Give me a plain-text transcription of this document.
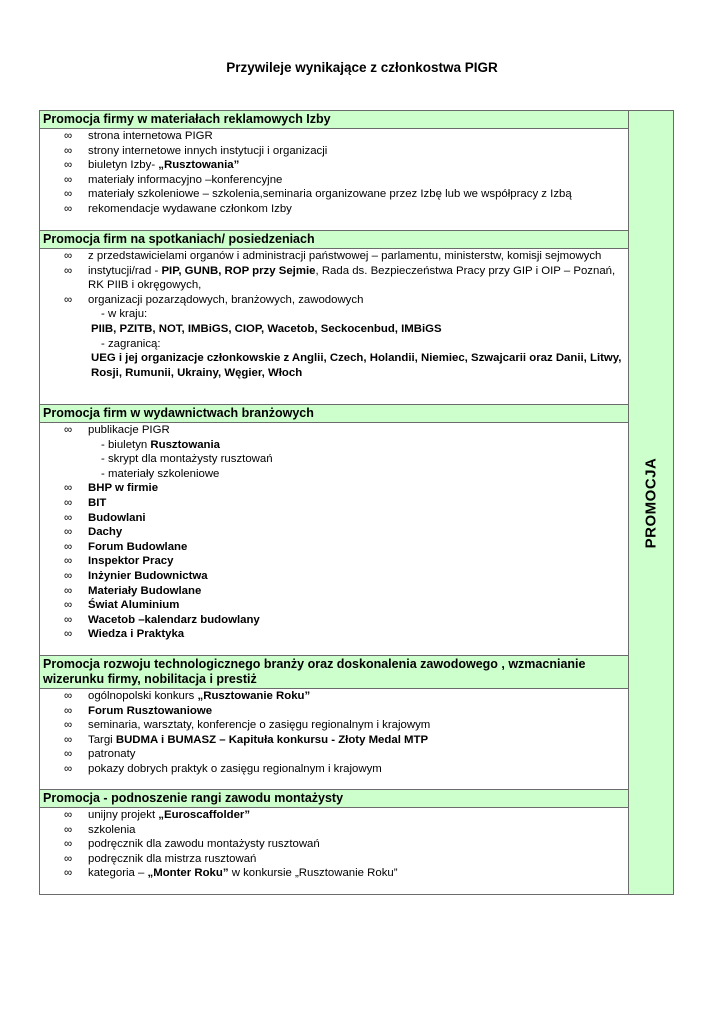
Przywileje wynikające z członkostwa PIGR
Promocja firmy w materiałach reklamowych Izby
∞ strona internetowa PIGR
∞ strony internetowe innych instytucji i organizacji
∞ biuletyn Izby- „Rusztowania”
∞ materiały informacyjno –konferencyjne
∞ materiały szkoleniowe – szkolenia,seminaria organizowane przez Izbę lub we współpracy z Izbą
∞ rekomendacje wydawane członkom Izby
Promocja firm na spotkaniach/ posiedzeniach
∞ z przedstawicielami organów i administracji państwowej – parlamentu, ministerstw, komisji sejmowych
∞ instytucji/rad - PIP, GUNB, ROP przy Sejmie, Rada ds. Bezpieczeństwa Pracy przy GIP i OIP – Poznań, RK PIIB i okręgowych,
∞ organizacji pozarządowych, branżowych, zawodowych
- w kraju:
PIIB, PZITB, NOT, IMBiGS, CIOP, Wacetob, Seckocenbud, IMBiGS
- zagranicą:
UEG i jej organizacje członkowskie z Anglii, Czech, Holandii, Niemiec, Szwajcarii oraz Danii, Litwy, Rosji, Rumunii, Ukrainy, Węgier, Włoch
Promocja firm w wydawnictwach branżowych
∞ publikacje PIGR
- biuletyn Rusztowania
- skrypt dla montażysty rusztowań
- materiały szkoleniowe
∞ BHP w firmie
∞ BIT
∞ Budowlani
∞ Dachy
∞ Forum Budowlane
∞ Inspektor Pracy
∞ Inżynier Budownictwa
∞ Materiały Budowlane
∞ Świat Aluminium
∞ Wacetob –kalendarz budowlany
∞ Wiedza i Praktyka
Promocja rozwoju technologicznego branży oraz doskonalenia zawodowego , wzmacnianie wizerunku firmy, nobilitacja i prestiż
∞ ogólnopolski konkurs „Rusztowanie Roku”
∞ Forum Rusztowaniowe
∞ seminaria, warsztaty, konferencje o zasięgu regionalnym i krajowym
∞ Targi BUDMA i BUMASZ – Kapituła konkursu - Złoty Medal MTP
∞ patronaty
∞ pokazy dobrych praktyk o zasięgu regionalnym i krajowym
Promocja - podnoszenie rangi zawodu montażysty
∞ unijny projekt „Euroscaffolder”
∞ szkolenia
∞ podręcznik dla zawodu montażysty rusztowań
∞ podręcznik dla mistrza rusztowań
∞ kategoria – „Monter Roku” w konkursie „Rusztowanie Roku”
PROMOCJA
